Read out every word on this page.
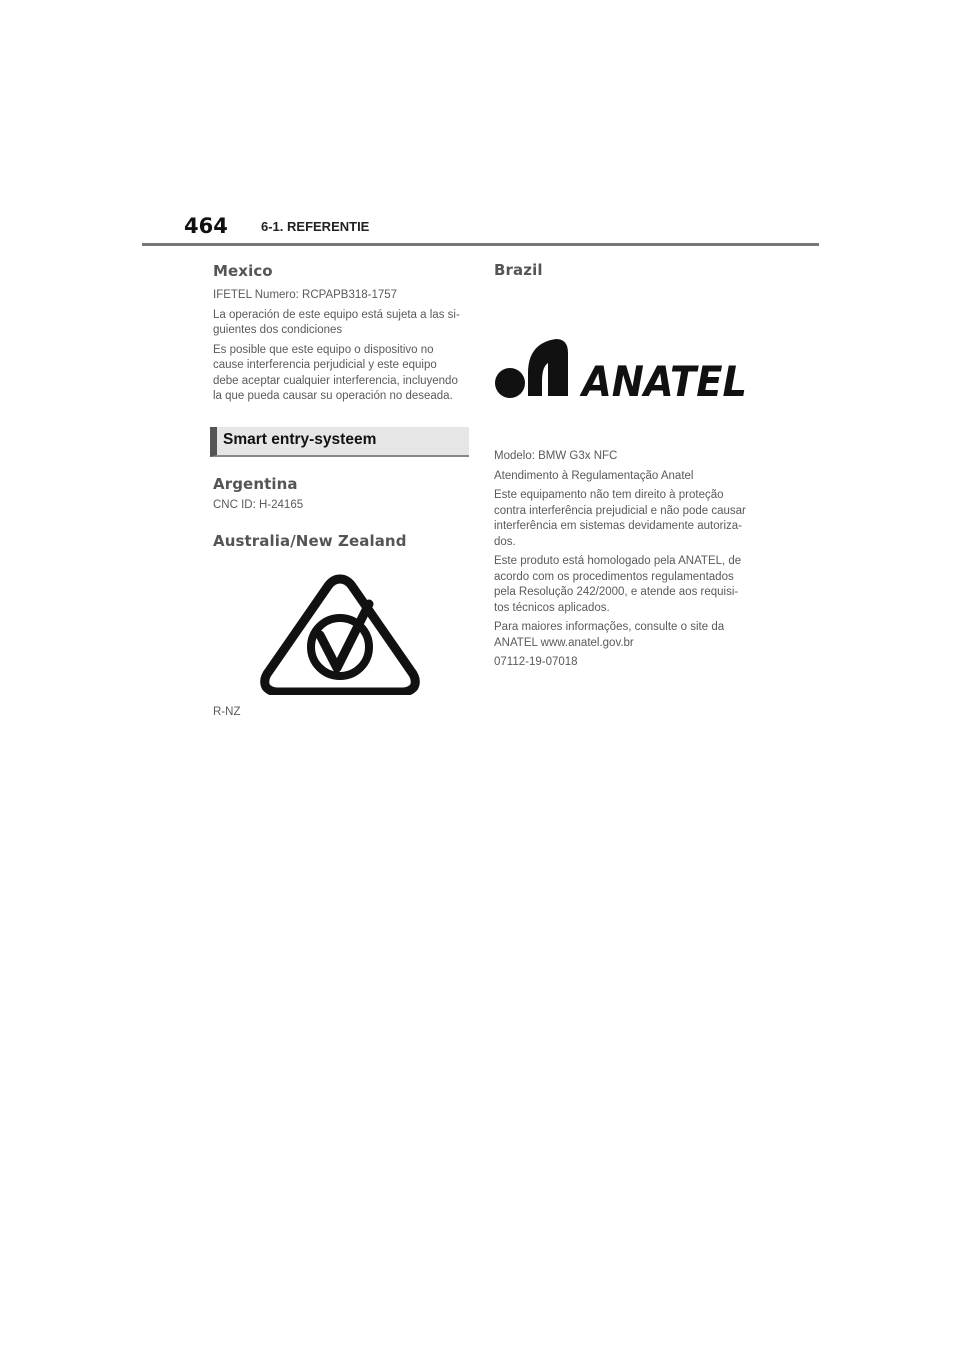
464	6-1. REFERENTIE
Mexico

IFETEL Numero: RCPAPB318-1757

La operación de este equipo está sujeta a las si-

guientes dos condiciones

Es posible que este equipo o dispositivo no

cause interferencia perjudicial y este equipo

debe aceptar cualquier interferencia, incluyendo

la que pueda causar su operación no deseada.

Smart entry-systeem
Argentina

CNC ID: H-24165

Australia/New Zealand

R-NZ

Brazil
ANATEL

Modelo: BMW G3x NFC

Atendimento à Regulamentação Anatel

Este equipamento não tem direito à proteção

contra interferência prejudicial e não pode causar

interferência em sistemas devidamente autoriza-

dos.

Este produto está homologado pela ANATEL, de

acordo com os procedimentos regulamentados

pela Resolução 242/2000, e atende aos requisi-

tos técnicos aplicados.

Para maiores informações, consulte o site da

ANATEL www.anatel.gov.br

07112-19-07018
